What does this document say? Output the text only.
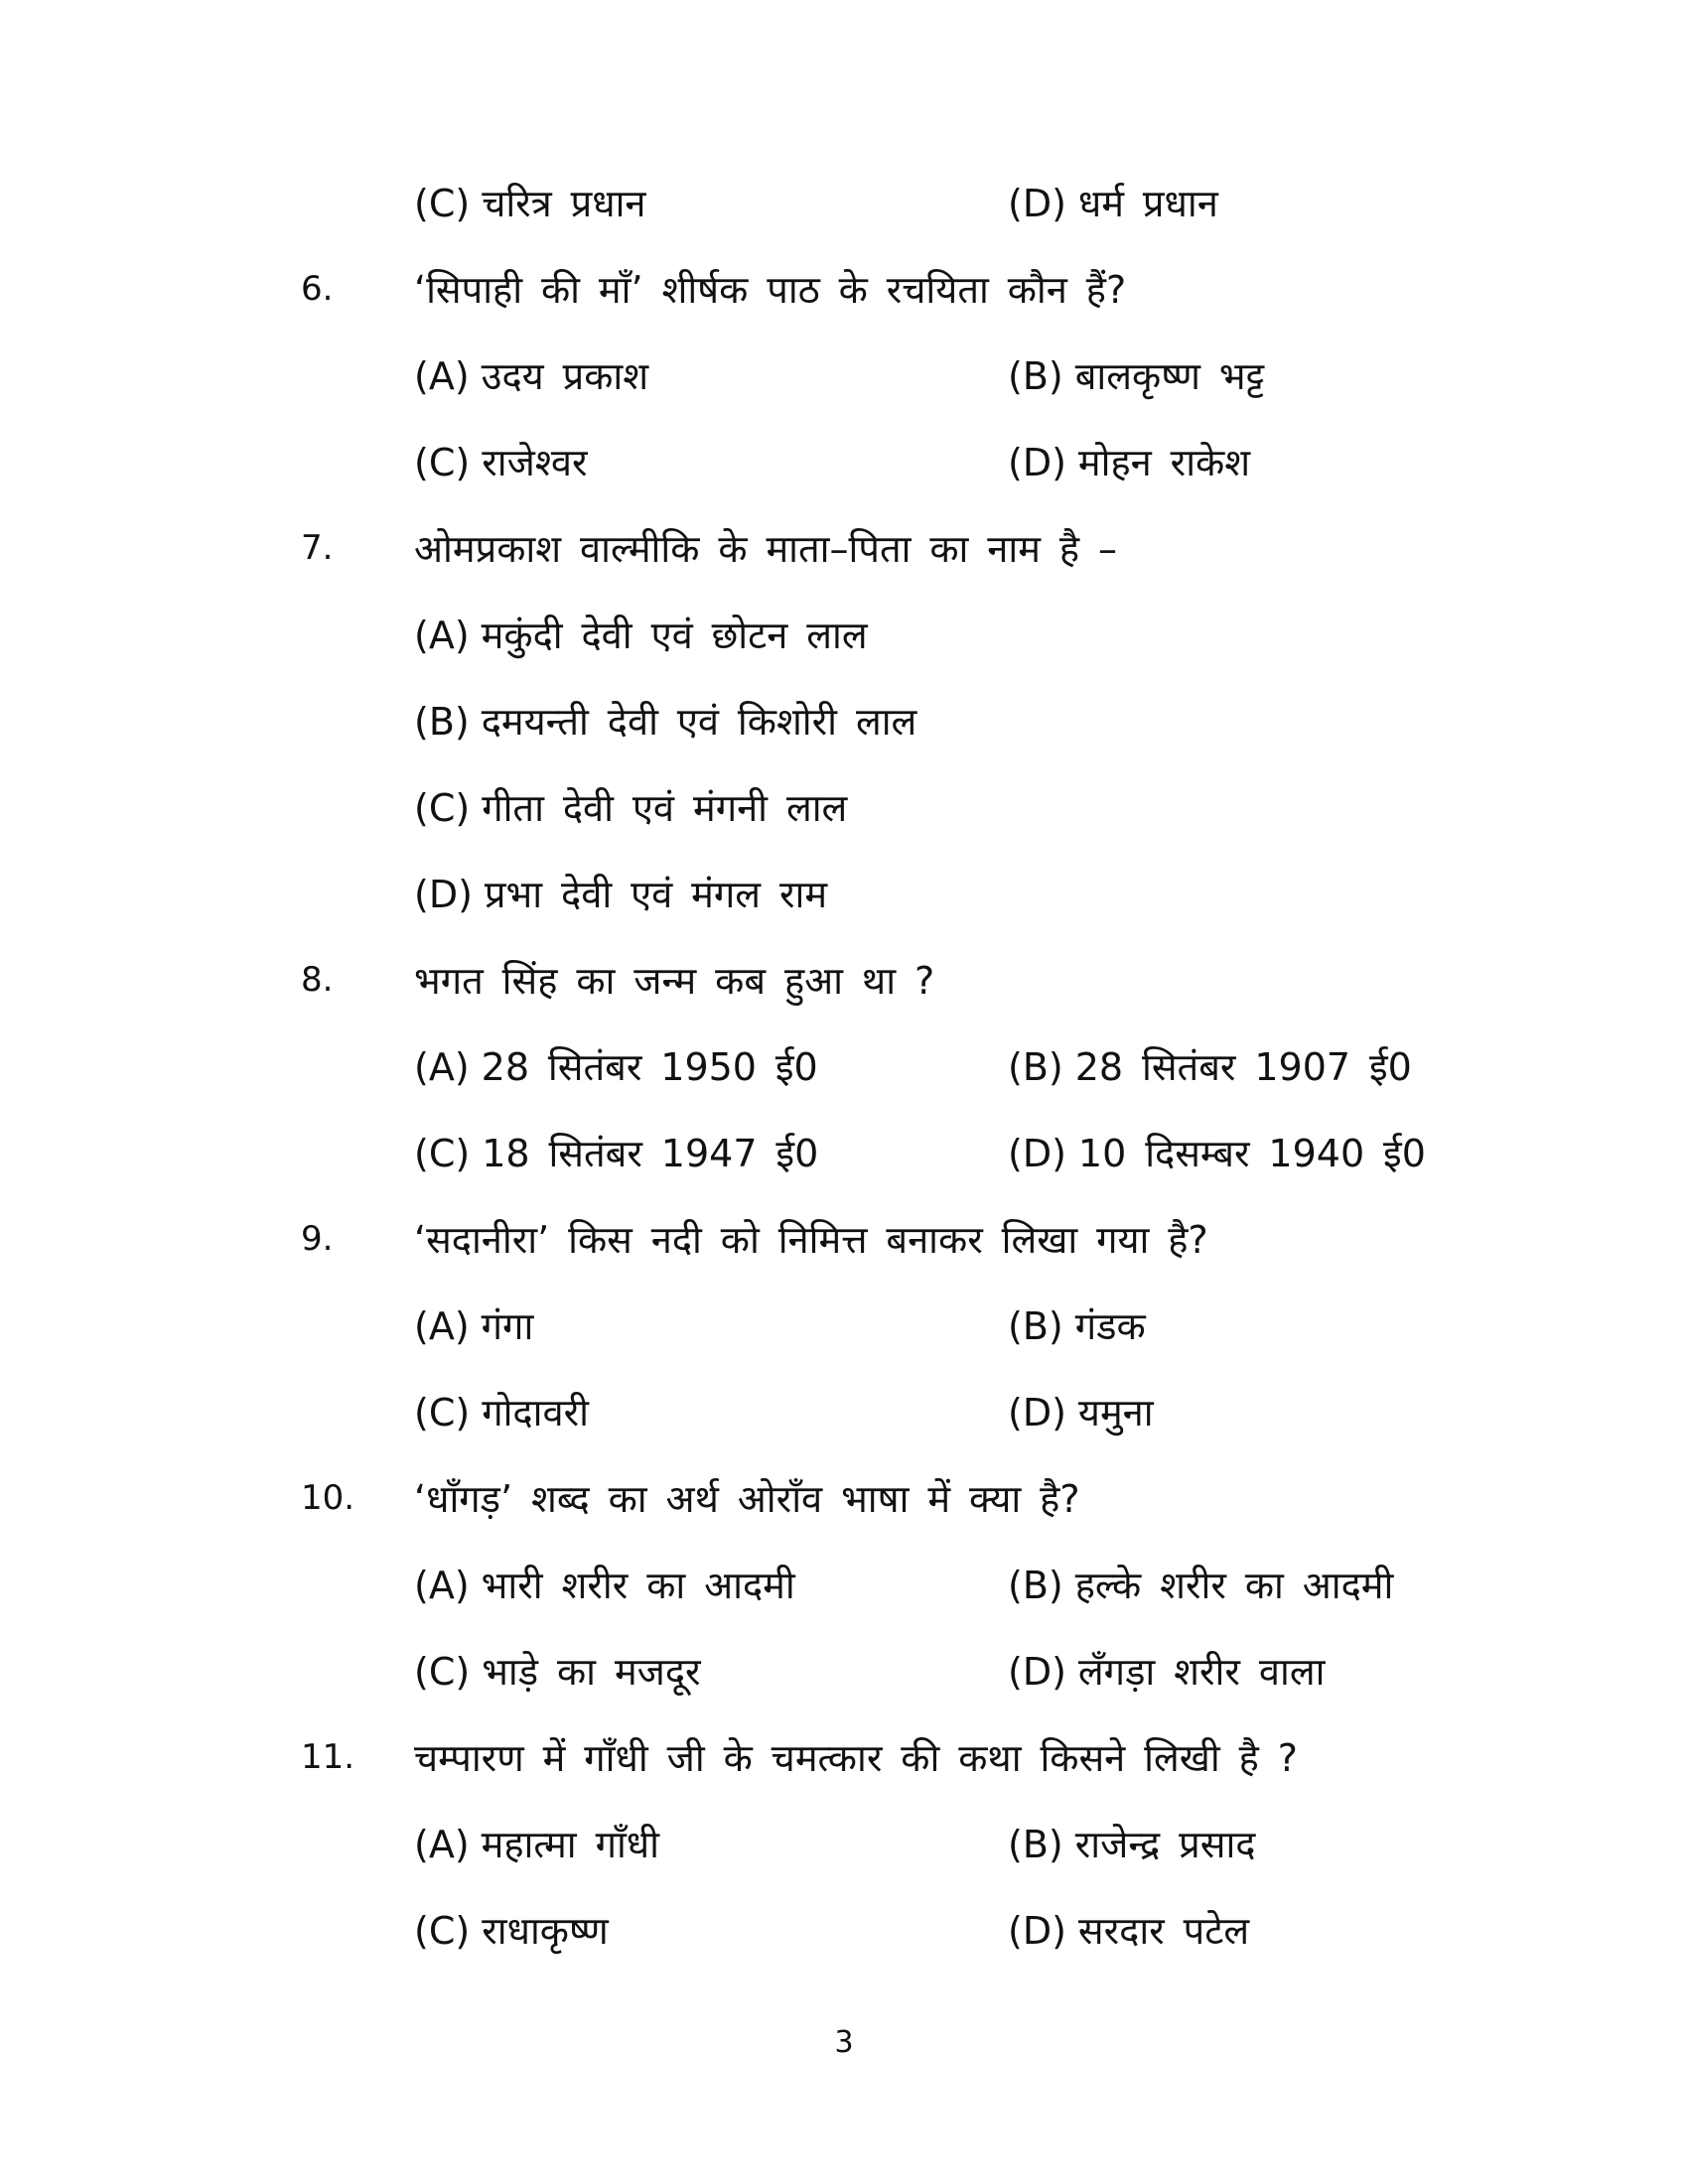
(C) चरित्र प्रधान	(D) धर्म प्रधान
6.	‘सिपाही की माँ’ शीर्षक पाठ के रचयिता कौन हैं?
(A) उदय प्रकाश	(B) बालकृष्ण भट्ट
(C) राजेश्वर	(D) मोहन राकेश
7.	ओमप्रकाश वाल्मीकि के माता–पिता का नाम है –
(A) मकुंदी देवी एवं छोटन लाल
(B) दमयन्ती देवी एवं किशोरी लाल
(C) गीता देवी एवं मंगनी लाल
(D) प्रभा देवी एवं मंगल राम
8.	भगत सिंह का जन्म कब हुआ था ?
(A) 28 सितंबर 1950 ई0	(B) 28 सितंबर 1907 ई0
(C) 18 सितंबर 1947 ई0	(D) 10 दिसम्बर 1940 ई0
9.	‘सदानीरा’ किस नदी को निमित्त बनाकर लिखा गया है?
(A) गंगा	(B) गंडक
(C) गोदावरी	(D) यमुना
10.	‘धाँगड़’ शब्द का अर्थ ओराँव भाषा में क्या है?
(A) भारी शरीर का आदमी	(B) हल्के शरीर का आदमी
(C) भाड़े का मजदूर	(D) लँगड़ा शरीर वाला
11.	चम्पारण में गाँधी जी के चमत्कार की कथा किसने लिखी है ?
(A) महात्मा गाँधी	(B) राजेन्द्र प्रसाद
(C) राधाकृष्ण	(D) सरदार पटेल
3
